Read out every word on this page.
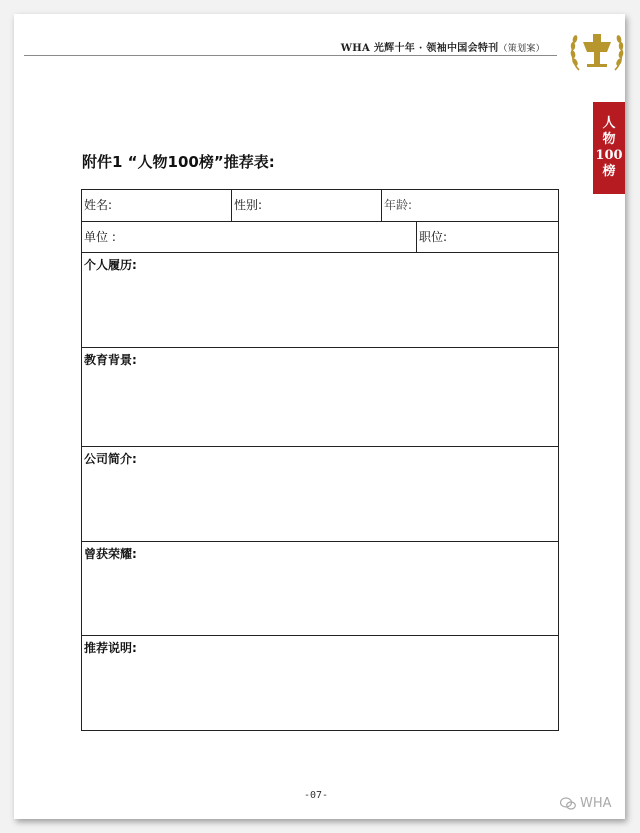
WHA 光辉十年 · 领袖中国会特刊（策划案）
人
物
100
榜
附件1 “人物100榜”推荐表:
姓名:	性别:	年龄:
单位 :	职位:
个人履历:
教育背景:
公司简介:
曾获荣耀:
推荐说明:
-07-
WHA
